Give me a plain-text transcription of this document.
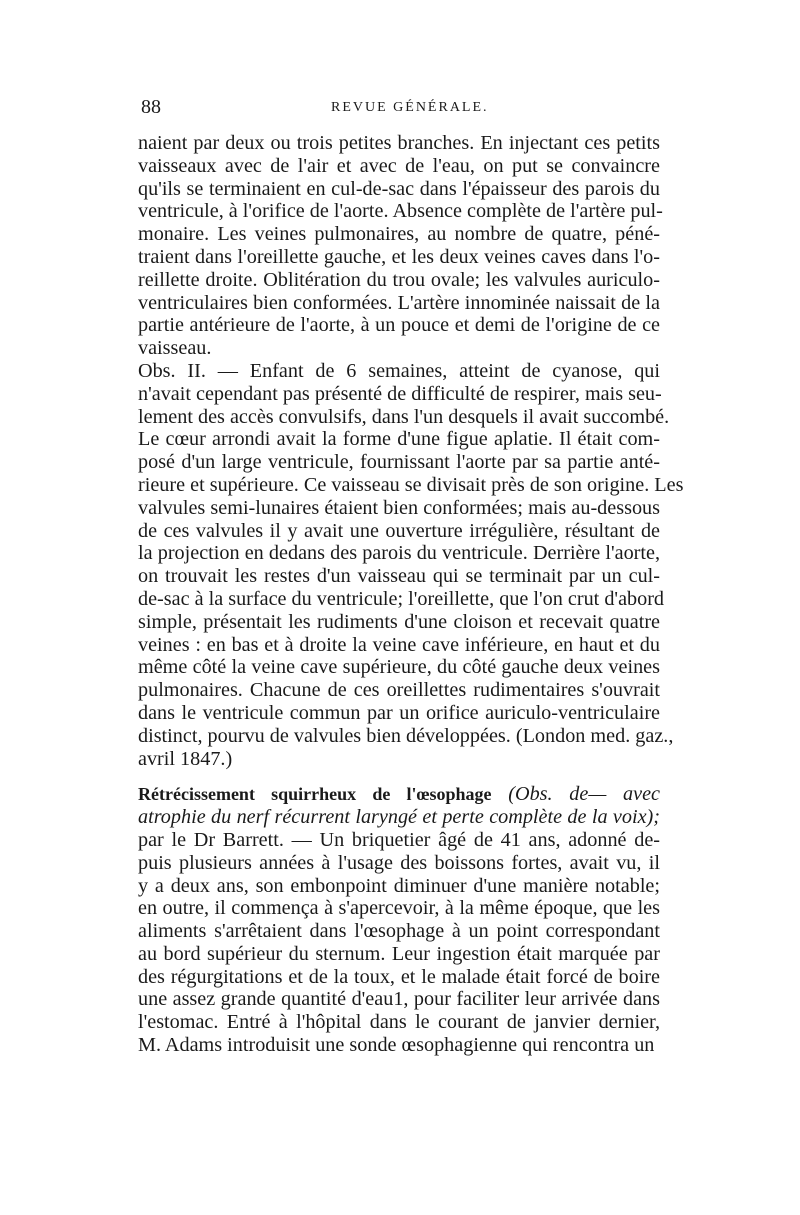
88	REVUE GÉNÉRALE.
naient par deux ou trois petites branches. En injectant ces petits
vaisseaux avec de l'air et avec de l'eau, on put se convaincre
qu'ils se terminaient en cul-de-sac dans l'épaisseur des parois du
ventricule, à l'orifice de l'aorte. Absence complète de l'artère pul-
monaire. Les veines pulmonaires, au nombre de quatre, péné-
traient dans l'oreillette gauche, et les deux veines caves dans l'o-
reillette droite. Oblitération du trou ovale; les valvules auriculo-
ventriculaires bien conformées. L'artère innominée naissait de la
partie antérieure de l'aorte, à un pouce et demi de l'origine de ce
vaisseau.
Obs. II. — Enfant de 6 semaines, atteint de cyanose, qui
n'avait cependant pas présenté de difficulté de respirer, mais seu-
lement des accès convulsifs, dans l'un desquels il avait succombé.
Le cœur arrondi avait la forme d'une figue aplatie. Il était com-
posé d'un large ventricule, fournissant l'aorte par sa partie anté-
rieure et supérieure. Ce vaisseau se divisait près de son origine. Les
valvules semi-lunaires étaient bien conformées; mais au-dessous
de ces valvules il y avait une ouverture irrégulière, résultant de
la projection en dedans des parois du ventricule. Derrière l'aorte,
on trouvait les restes d'un vaisseau qui se terminait par un cul-
de-sac à la surface du ventricule; l'oreillette, que l'on crut d'abord
simple, présentait les rudiments d'une cloison et recevait quatre
veines : en bas et à droite la veine cave inférieure, en haut et du
même côté la veine cave supérieure, du côté gauche deux veines
pulmonaires. Chacune de ces oreillettes rudimentaires s'ouvrait
dans le ventricule commun par un orifice auriculo-ventriculaire
distinct, pourvu de valvules bien développées. (London med. gaz.,
avril 1847.)
Rétrécissement squirrheux de l'œsophage (Obs. de— avec
atrophie du nerf récurrent laryngé et perte complète de la voix);
par le Dr Barrett. — Un briquetier âgé de 41 ans, adonné de-
puis plusieurs années à l'usage des boissons fortes, avait vu, il
y a deux ans, son embonpoint diminuer d'une manière notable;
en outre, il commença à s'apercevoir, à la même époque, que les
aliments s'arrêtaient dans l'œsophage à un point correspondant
au bord supérieur du sternum. Leur ingestion était marquée par
des régurgitations et de la toux, et le malade était forcé de boire
une assez grande quantité d'eau1, pour faciliter leur arrivée dans
l'estomac. Entré à l'hôpital dans le courant de janvier dernier,
M. Adams introduisit une sonde œsophagienne qui rencontra un
